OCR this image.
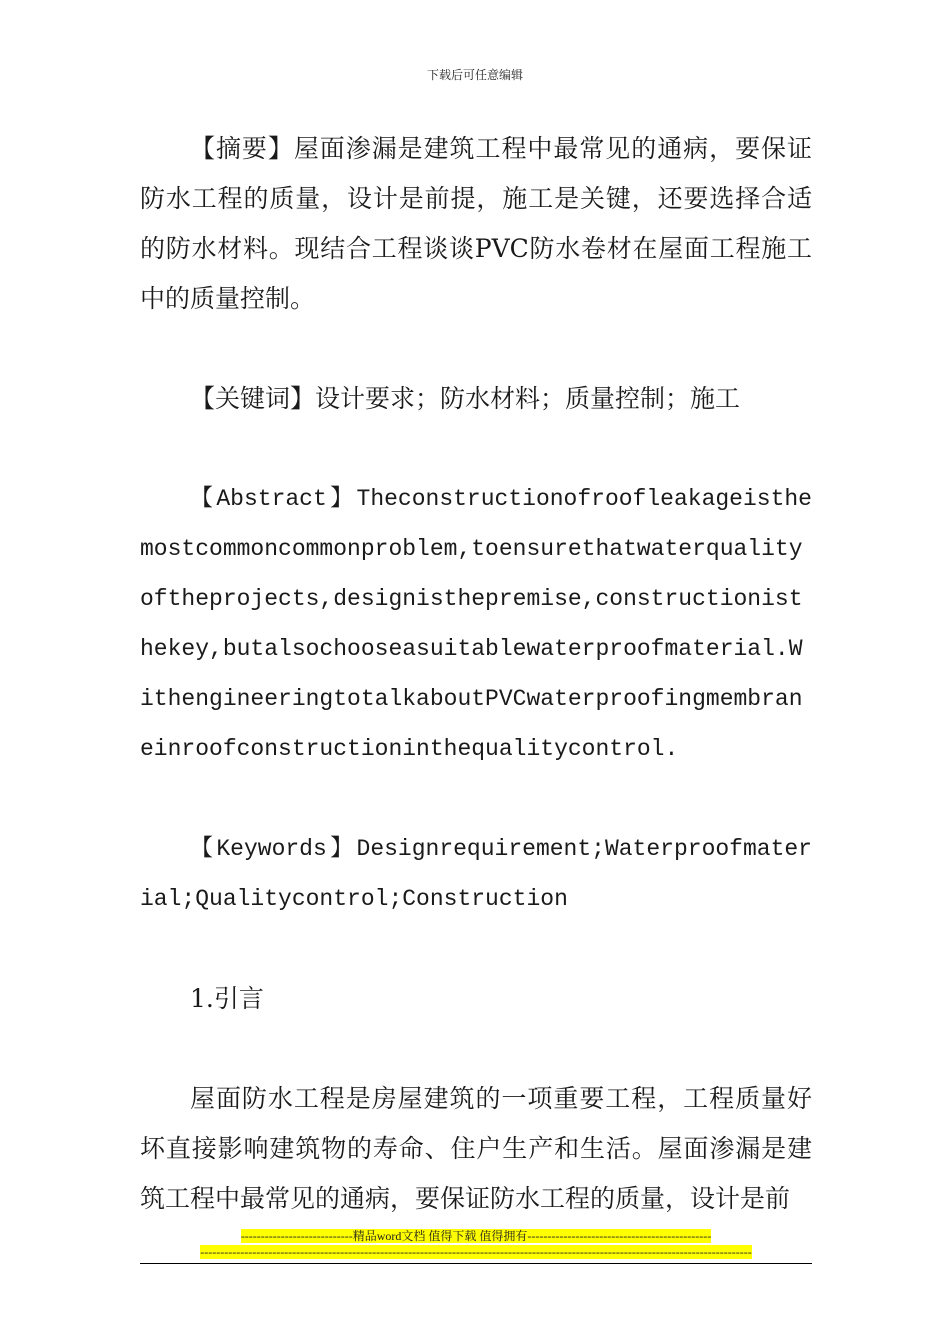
下载后可任意编辑

【摘要】屋面渗漏是建筑工程中最常见的通病，要保证防水工程的质量，设计是前提，施工是关键，还要选择合适的防水材料。现结合工程谈谈PVC防水卷材在屋面工程施工中的质量控制。

【关键词】设计要求；防水材料；质量控制；施工

【Abstract】Theconstructionofroofleakageisthemostcommoncommonproblem,toensurethatwaterqualityoftheprojects,designisthepremise,constructionisthekey,butalsochooseasuitablewaterproofmaterial.WithengineeringtotalkaboutPVCwaterproofingmembraneinroofconstructioninthequalitycontrol.

【Keywords】Designrequirement;Waterproofmaterial;Qualitycontrol;Construction

1.引言

屋面防水工程是房屋建筑的一项重要工程，工程质量好坏直接影响建筑物的寿命、住户生产和生活。屋面渗漏是建筑工程中最常见的通病，要保证防水工程的质量，设计是前

----------------------------精品word文档 值得下载 值得拥有----------------------------------------------
------------------------------------------------------------------------------------------------------------------------------------------
